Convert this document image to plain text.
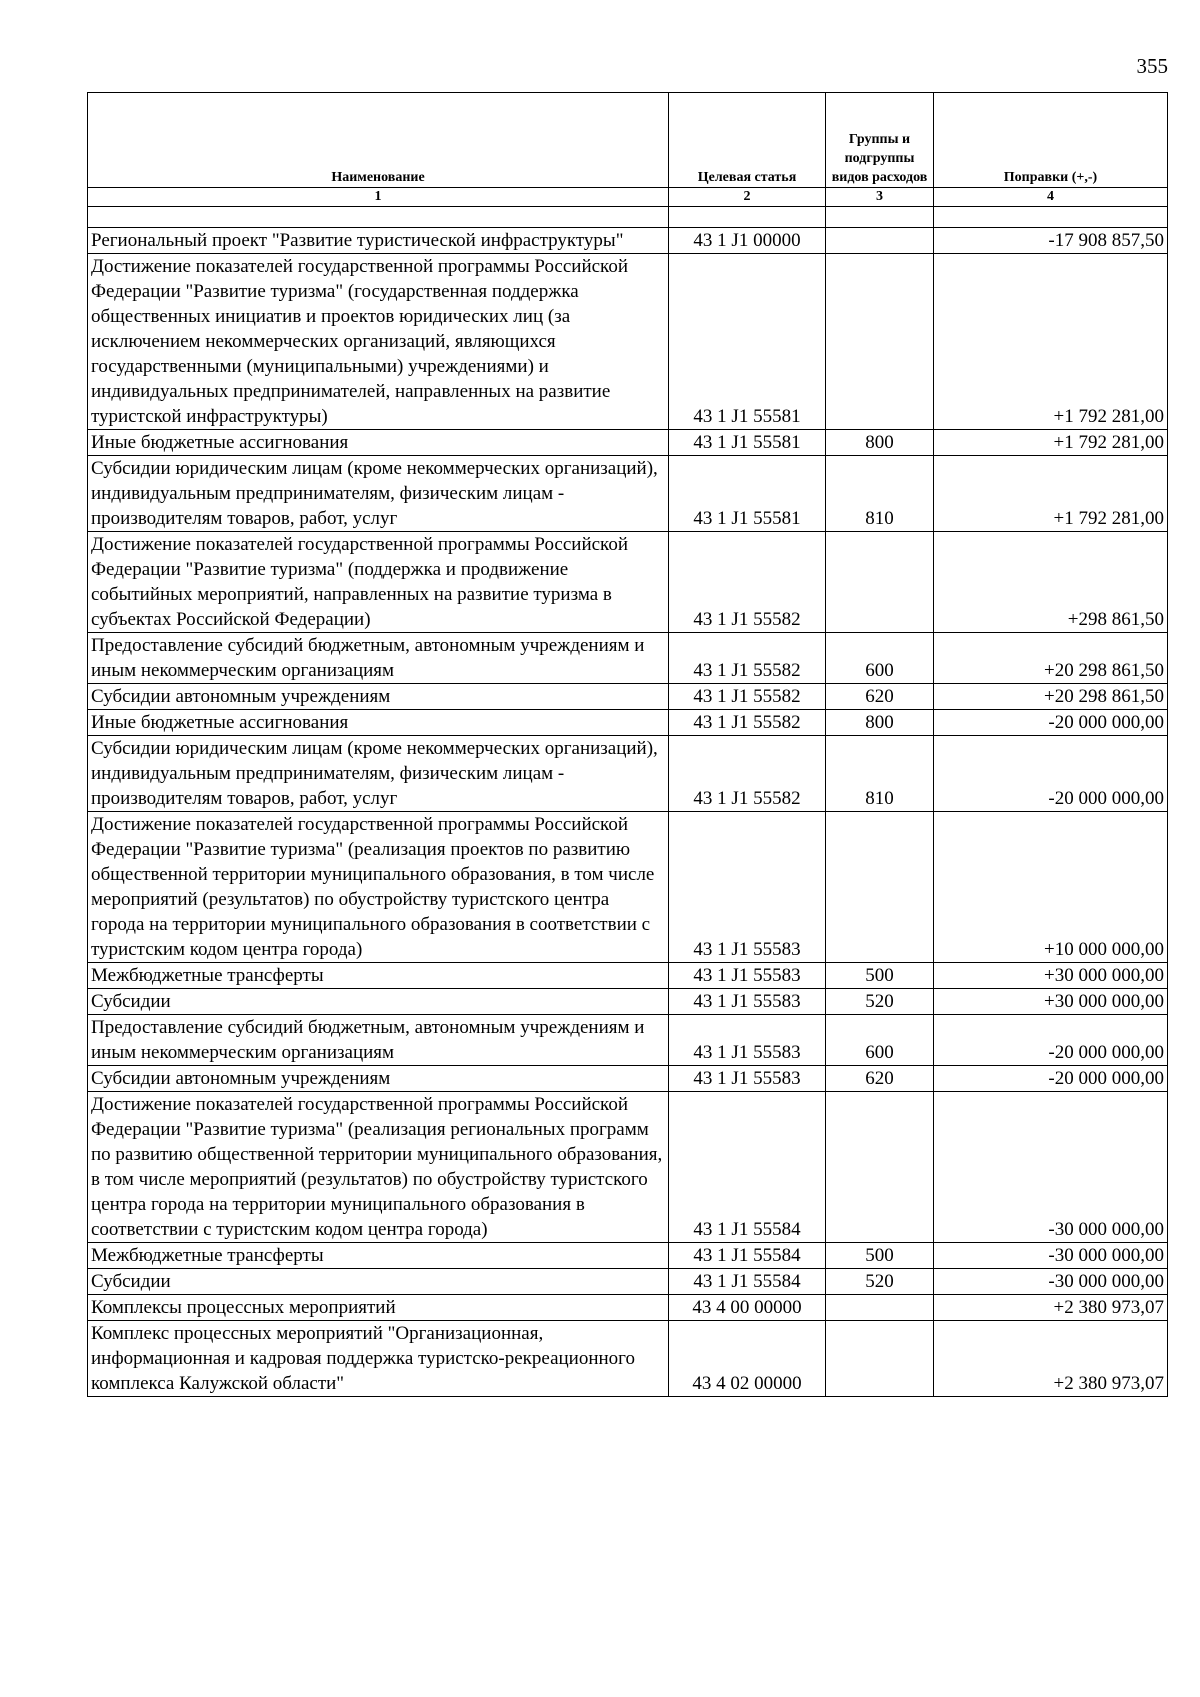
355
Наименование	Целевая статья	Группы и подгруппы видов расходов	Поправки (+,-)
1	2	3	4

Региональный проект "Развитие туристической инфраструктуры"	43 1 J1 00000		-17 908 857,50
Достижение показателей государственной программы Российской Федерации "Развитие туризма" (государственная поддержка общественных инициатив и проектов юридических лиц (за исключением некоммерческих организаций, являющихся государственными (муниципальными) учреждениями) и индивидуальных предпринимателей, направленных на развитие туристской инфраструктуры)	43 1 J1 55581		+1 792 281,00
Иные бюджетные ассигнования	43 1 J1 55581	800	+1 792 281,00
Субсидии юридическим лицам (кроме некоммерческих организаций), индивидуальным предпринимателям, физическим лицам - производителям товаров, работ, услуг	43 1 J1 55581	810	+1 792 281,00
Достижение показателей государственной программы Российской Федерации "Развитие туризма" (поддержка и продвижение событийных мероприятий, направленных на развитие туризма в субъектах Российской Федерации)	43 1 J1 55582		+298 861,50
Предоставление субсидий бюджетным, автономным учреждениям и иным некоммерческим организациям	43 1 J1 55582	600	+20 298 861,50
Субсидии автономным учреждениям	43 1 J1 55582	620	+20 298 861,50
Иные бюджетные ассигнования	43 1 J1 55582	800	-20 000 000,00
Субсидии юридическим лицам (кроме некоммерческих организаций), индивидуальным предпринимателям, физическим лицам - производителям товаров, работ, услуг	43 1 J1 55582	810	-20 000 000,00
Достижение показателей государственной программы Российской Федерации "Развитие туризма" (реализация проектов по развитию общественной территории муниципального образования, в том числе мероприятий (результатов) по обустройству туристского центра города на территории муниципального образования в соответствии с туристским кодом центра города)	43 1 J1 55583		+10 000 000,00
Межбюджетные трансферты	43 1 J1 55583	500	+30 000 000,00
Субсидии	43 1 J1 55583	520	+30 000 000,00
Предоставление субсидий бюджетным, автономным учреждениям и иным некоммерческим организациям	43 1 J1 55583	600	-20 000 000,00
Субсидии автономным учреждениям	43 1 J1 55583	620	-20 000 000,00
Достижение показателей государственной программы Российской Федерации "Развитие туризма" (реализация региональных программ по развитию общественной территории муниципального образования, в том числе мероприятий (результатов) по обустройству туристского центра города на территории муниципального образования в соответствии с туристским кодом центра города)	43 1 J1 55584		-30 000 000,00
Межбюджетные трансферты	43 1 J1 55584	500	-30 000 000,00
Субсидии	43 1 J1 55584	520	-30 000 000,00
Комплексы процессных мероприятий	43 4 00 00000		+2 380 973,07
Комплекс процессных мероприятий "Организационная, информационная и кадровая поддержка туристско-рекреационного комплекса Калужской области"	43 4 02 00000		+2 380 973,07
